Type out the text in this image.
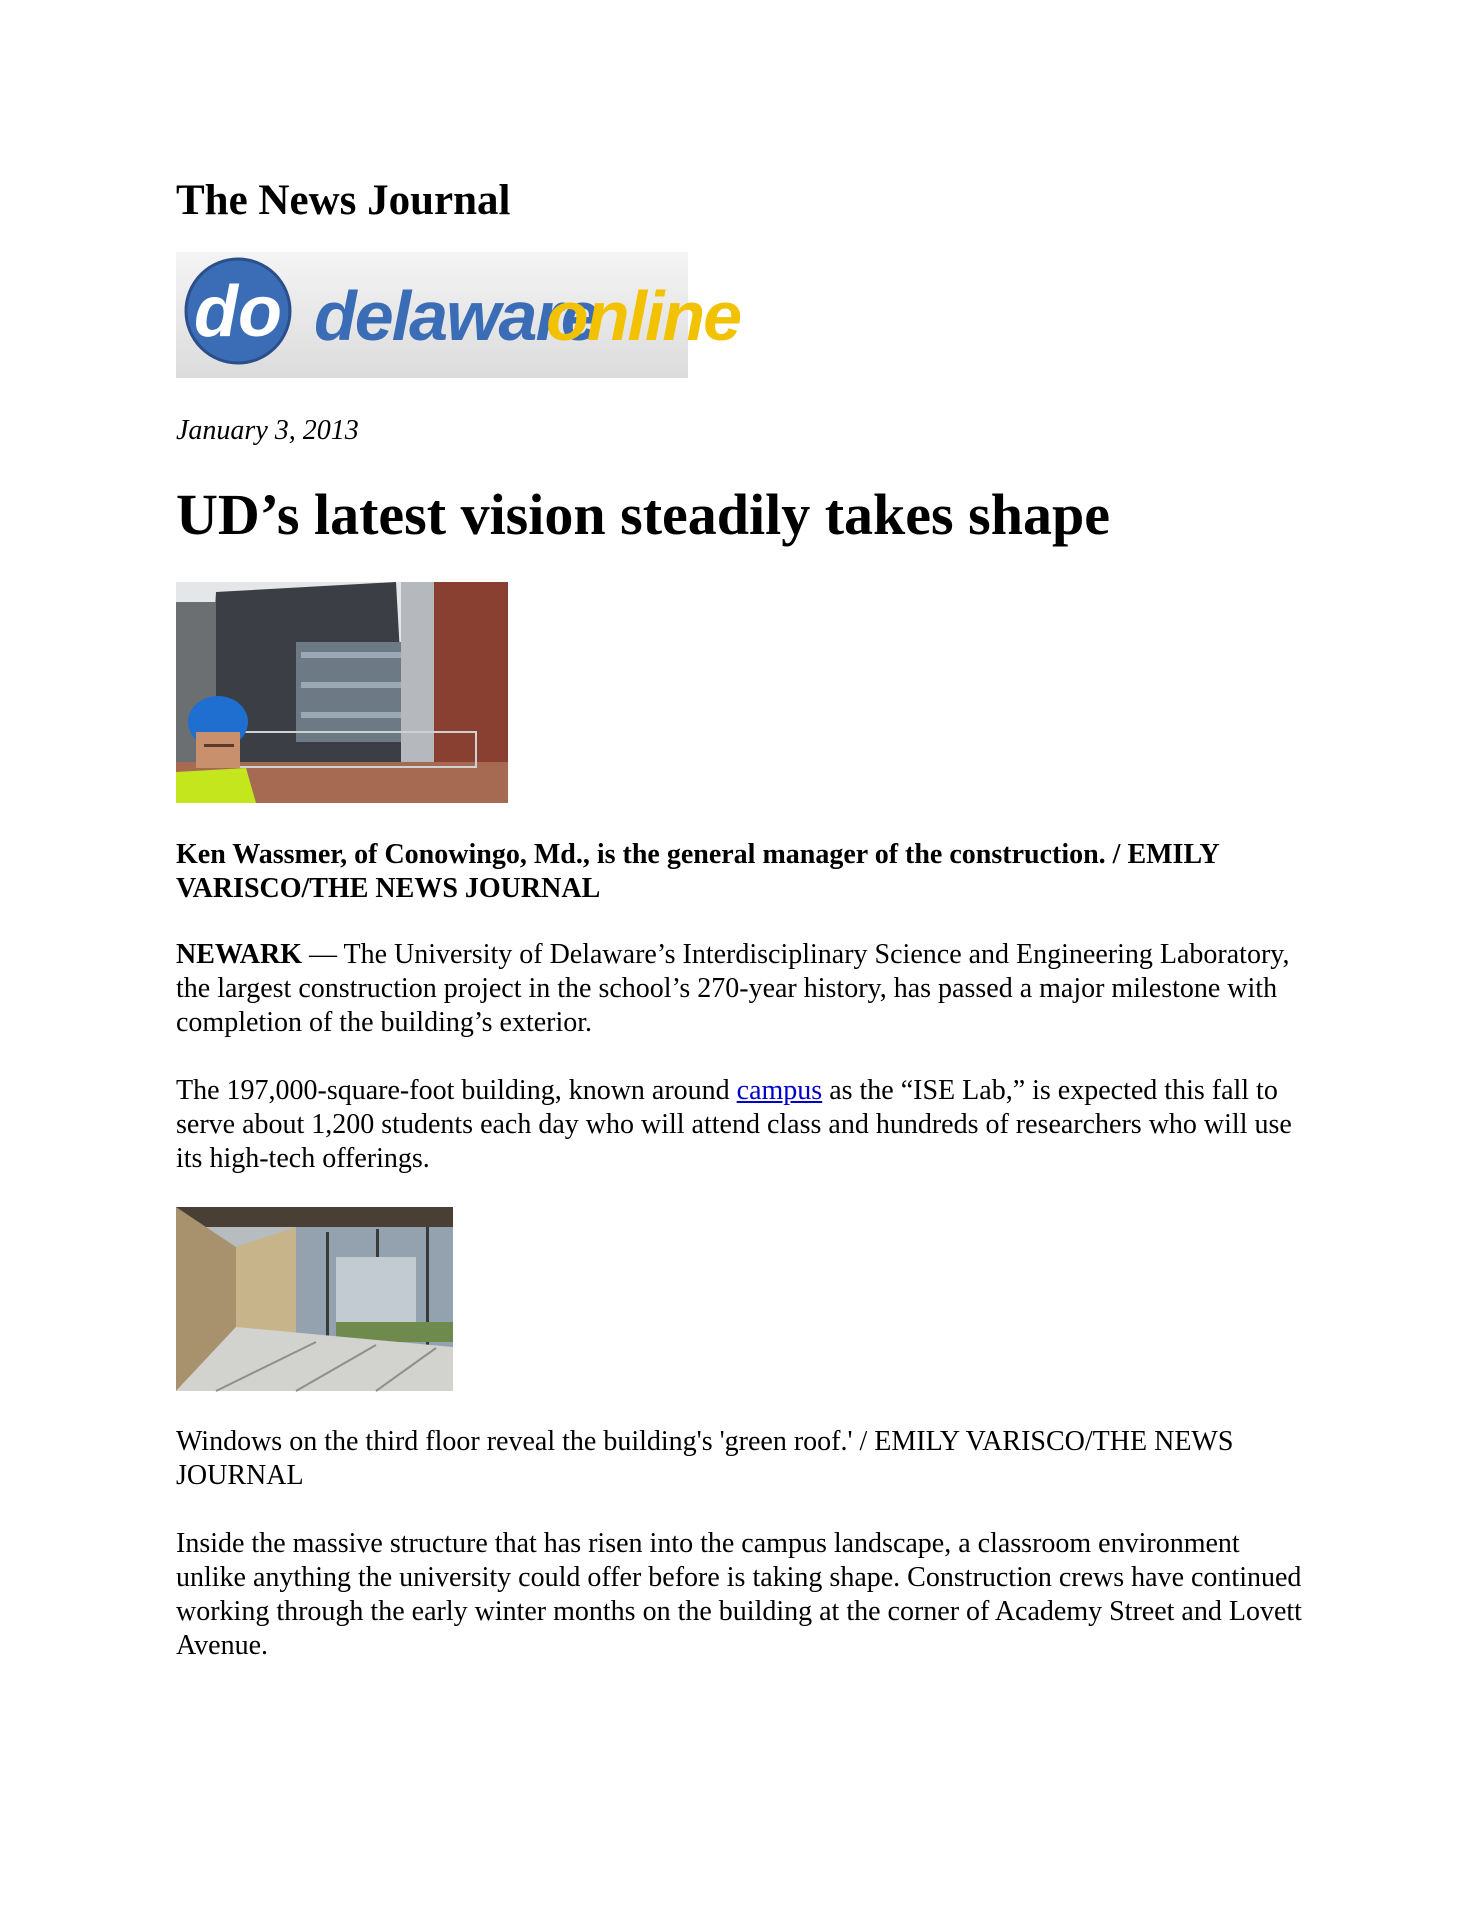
The News Journal
do delaware
online
January 3, 2013
UD’s latest vision steadily takes shape
Ken Wassmer, of Conowingo, Md., is the general manager of the construction. / EMILY VARISCO/THE NEWS JOURNAL

NEWARK — The University of Delaware’s Interdisciplinary Science and Engineering Laboratory, the largest construction project in the school’s 270-year history, has passed a major milestone with completion of the building’s exterior.

The 197,000-square-foot building, known around campus as the “ISE Lab,” is expected this fall to serve about 1,200 students each day who will attend class and hundreds of researchers who will use its high-tech offerings.

Windows on the third floor reveal the building's 'green roof.' / EMILY VARISCO/THE NEWS JOURNAL

Inside the massive structure that has risen into the campus landscape, a classroom environment unlike anything the university could offer before is taking shape. Construction crews have continued working through the early winter months on the building at the corner of Academy Street and Lovett Avenue.
